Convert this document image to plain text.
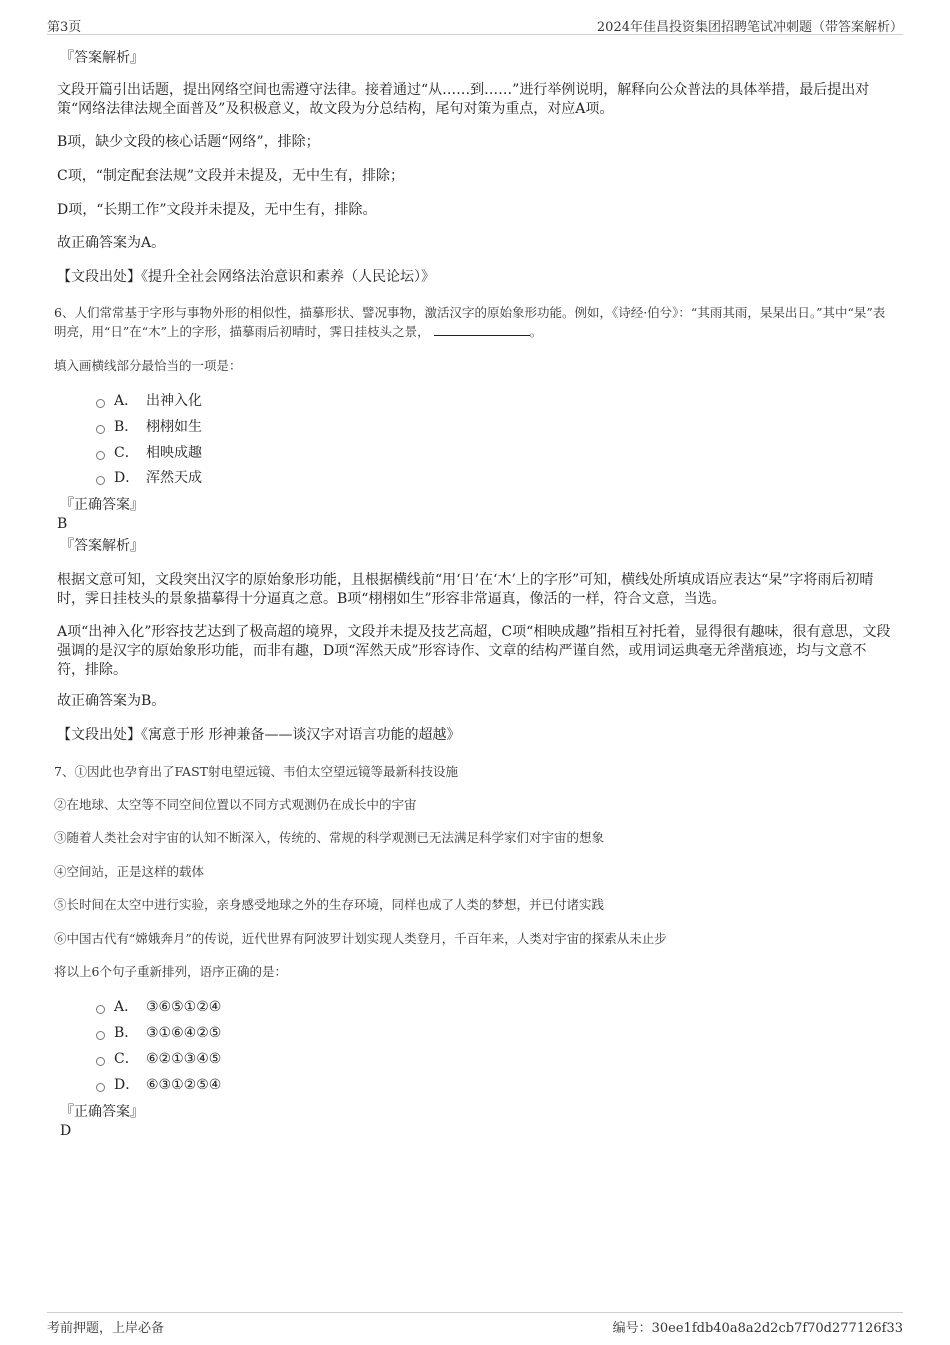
第3页	2024年佳昌投资集团招聘笔试冲刺题（带答案解析）
『答案解析』
文段开篇引出话题，提出网络空间也需遵守法律。接着通过“从……到……”进行举例说明，解释向公众普法的具体举措，最后提出对策“网络法律法规全面普及”及积极意义，故文段为分总结构，尾句对策为重点，对应A项。
B项，缺少文段的核心话题“网络”，排除；
C项，“制定配套法规”文段并未提及，无中生有，排除；
D项，“长期工作”文段并未提及，无中生有，排除。
故正确答案为A。
【文段出处】《提升全社会网络法治意识和素养（人民论坛）》
6、人们常常基于字形与事物外形的相似性，描摹形状、譬况事物，激活汉字的原始象形功能。例如，《诗经·伯兮》：“其雨其雨，杲杲出日。”其中“杲”表明亮，用“日”在“木”上的字形，描摹雨后初晴时，霁日挂枝头之景，	。
填入画横线部分最恰当的一项是：
A． 出神入化
B． 栩栩如生
C． 相映成趣
D． 浑然天成
『正确答案』
B
『答案解析』
根据文意可知，文段突出汉字的原始象形功能，且根据横线前“用‘日’在‘木’上的字形”可知，横线处所填成语应表达“杲”字将雨后初晴时，霁日挂枝头的景象描摹得十分逼真之意。B项“栩栩如生”形容非常逼真，像活的一样，符合文意，当选。
A项“出神入化”形容技艺达到了极高超的境界，文段并未提及技艺高超，C项“相映成趣”指相互衬托着，显得很有趣味，很有意思，文段强调的是汉字的原始象形功能，而非有趣，D项“浑然天成”形容诗作、文章的结构严谨自然，或用词运典毫无斧凿痕迹，均与文意不符，排除。
故正确答案为B。
【文段出处】《寓意于形 形神兼备——谈汉字对语言功能的超越》
7、①因此也孕育出了FAST射电望远镜、韦伯太空望远镜等最新科技设施
②在地球、太空等不同空间位置以不同方式观测仍在成长中的宇宙
③随着人类社会对宇宙的认知不断深入，传统的、常规的科学观测已无法满足科学家们对宇宙的想象
④空间站，正是这样的载体
⑤长时间在太空中进行实验，亲身感受地球之外的生存环境，同样也成了人类的梦想，并已付诸实践
⑥中国古代有“嫦娥奔月”的传说，近代世界有阿波罗计划实现人类登月，千百年来，人类对宇宙的探索从未止步
将以上6个句子重新排列，语序正确的是：
A． ③⑥⑤①②④
B． ③①⑥④②⑤
C． ⑥②①③④⑤
D． ⑥③①②⑤④
『正确答案』
D
考前押题，上岸必备	编号：30ee1fdb40a8a2d2cb7f70d277126f33
